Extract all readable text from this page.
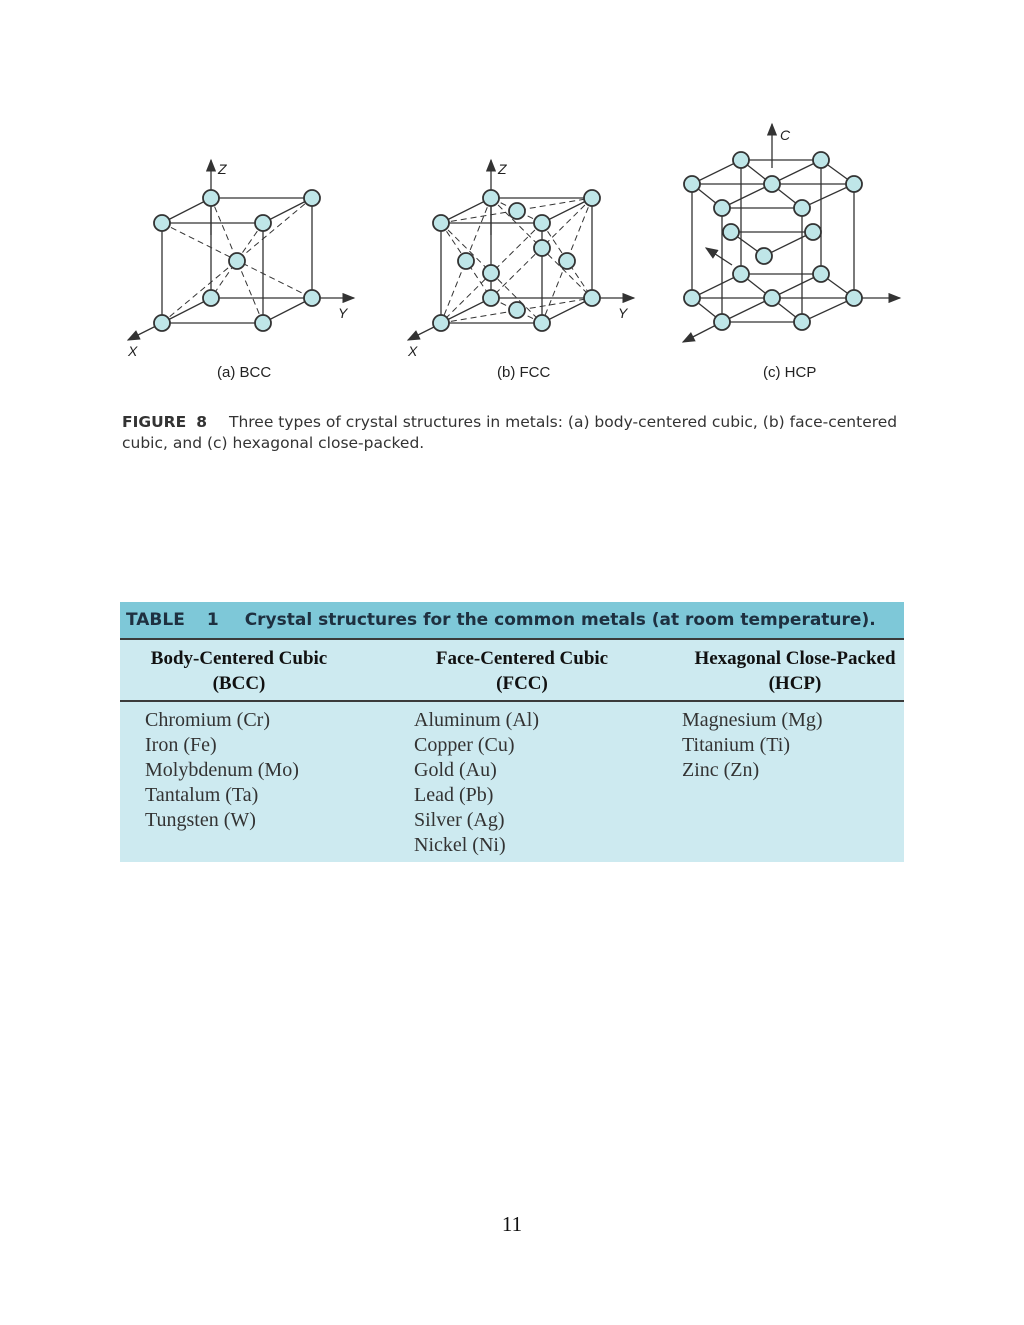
Z
Y
X
Z
Y
X
C
(a) BCC	(b) FCC	(c) HCP
FIGURE 8 Three types of crystal structures in metals: (a) body-centered cubic, (b) face-centered cubic, and (c) hexagonal close-packed.
TABLE 1 Crystal structures for the common metals (at room temperature).
Body-Centered Cubic
(BCC)
Face-Centered Cubic
(FCC)
Hexagonal Close-Packed
(HCP)
Chromium (Cr)
Iron (Fe)
Molybdenum (Mo)
Tantalum (Ta)
Tungsten (W)
Aluminum (Al)
Copper (Cu)
Gold (Au)
Lead (Pb)
Silver (Ag)
Nickel (Ni)
Magnesium (Mg)
Titanium (Ti)
Zinc (Zn)
11
